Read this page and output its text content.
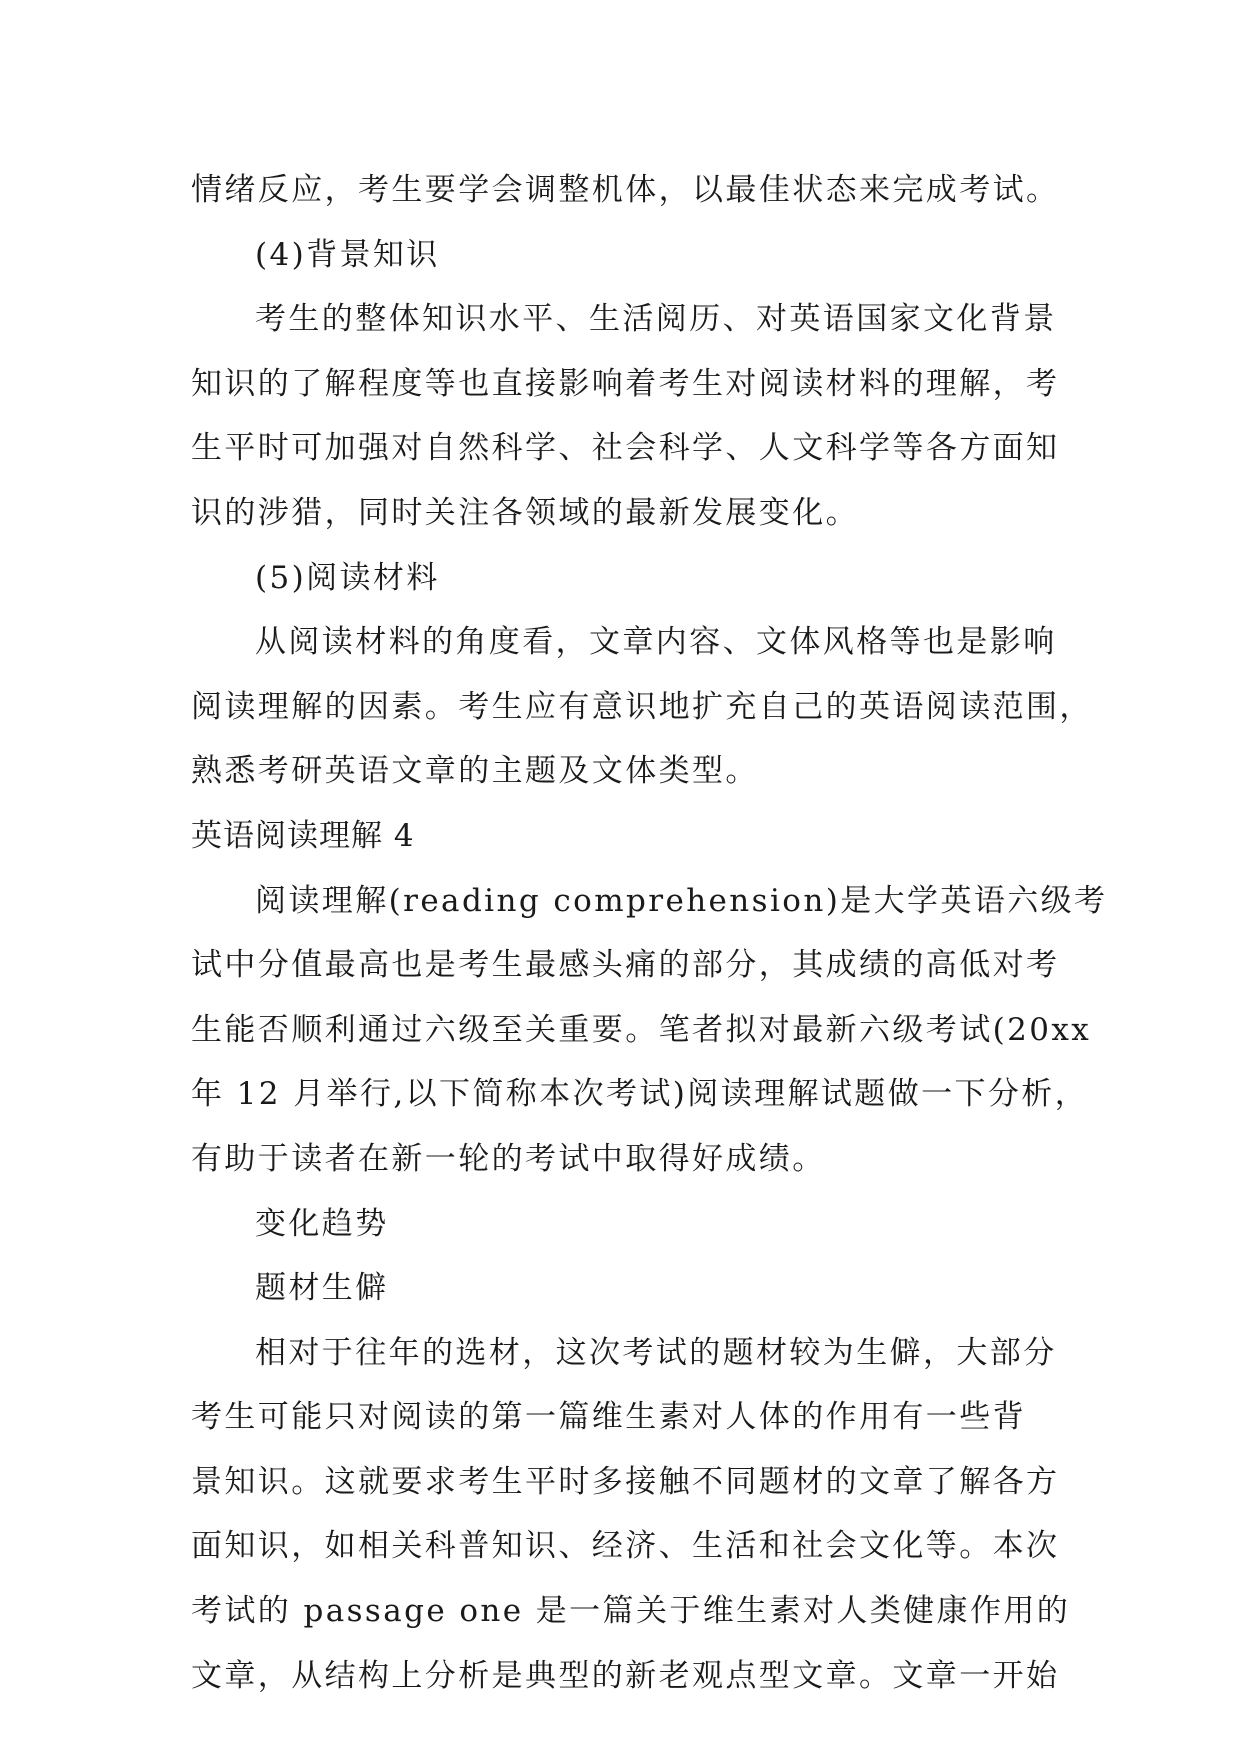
情绪反应，考生要学会调整机体，以最佳状态来完成考试。
(4)背景知识
考生的整体知识水平、生活阅历、对英语国家文化背景
知识的了解程度等也直接影响着考生对阅读材料的理解，考
生平时可加强对自然科学、社会科学、人文科学等各方面知
识的涉猎，同时关注各领域的最新发展变化。
(5)阅读材料
从阅读材料的角度看，文章内容、文体风格等也是影响
阅读理解的因素。考生应有意识地扩充自己的英语阅读范围，
熟悉考研英语文章的主题及文体类型。
英语阅读理解 4
阅读理解(reading comprehension)是大学英语六级考
试中分值最高也是考生最感头痛的部分，其成绩的高低对考
生能否顺利通过六级至关重要。笔者拟对最新六级考试(20xx
年 12 月举行,以下简称本次考试)阅读理解试题做一下分析，
有助于读者在新一轮的考试中取得好成绩。
变化趋势
题材生僻
相对于往年的选材，这次考试的题材较为生僻，大部分
考生可能只对阅读的第一篇维生素对人体的作用有一些背
景知识。这就要求考生平时多接触不同题材的文章了解各方
面知识，如相关科普知识、经济、生活和社会文化等。本次
考试的 passage one 是一篇关于维生素对人类健康作用的
文章，从结构上分析是典型的新老观点型文章。文章一开始
